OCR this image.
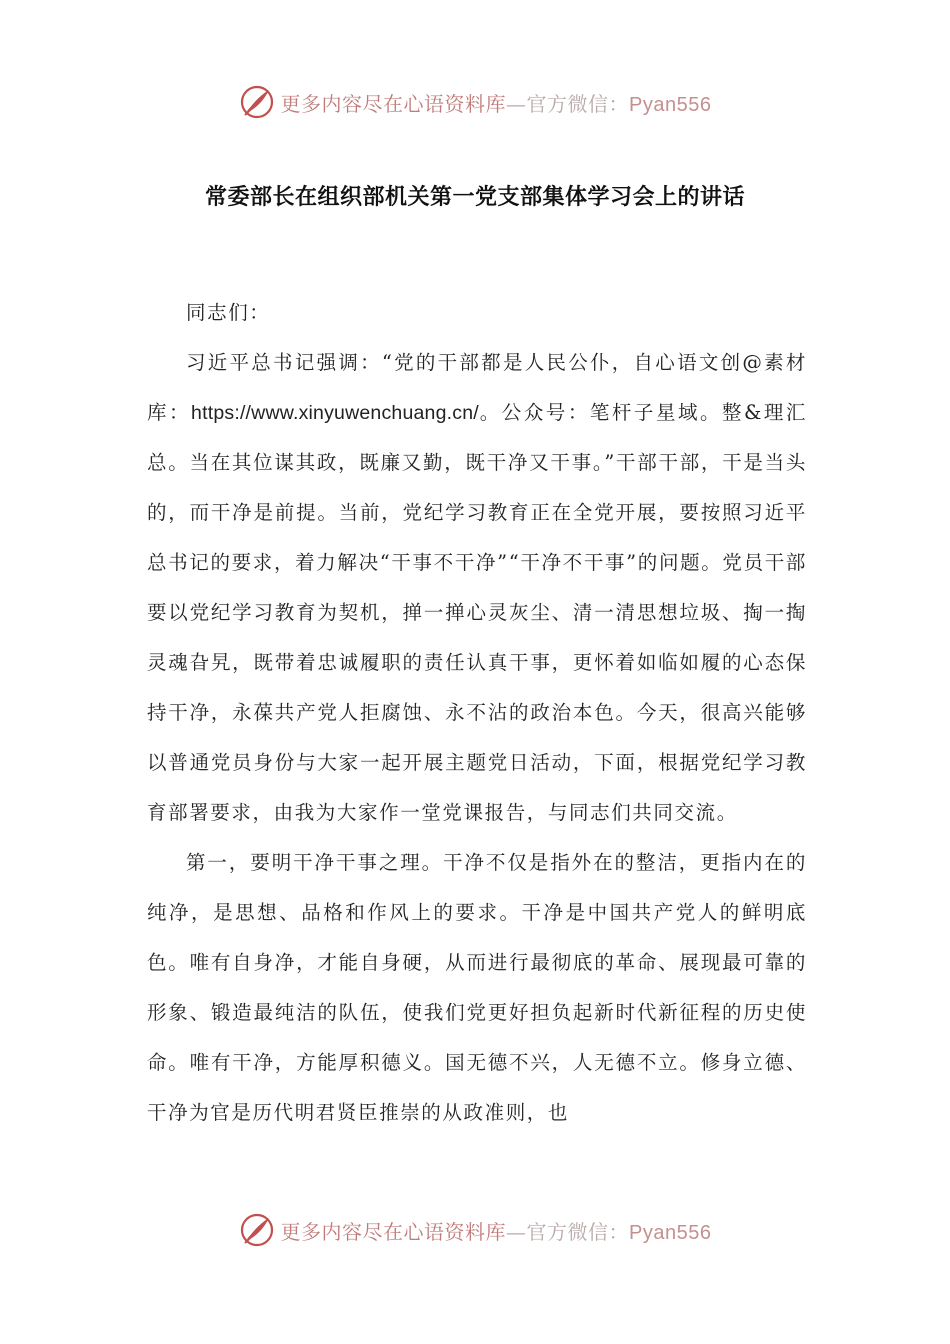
更多内容尽在心语资料库—官方微信：Pyan556
常委部长在组织部机关第一党支部集体学习会上的讲话

同志们：

习近平总书记强调：“党的干部都是人民公仆，自心语文创@素材库：https://www.xinyuwenchuang.cn/。公众号：笔杆子星域。整&理汇总。当在其位谋其政，既廉又勤，既干净又干事。”干部干部，干是当头的，而干净是前提。当前，党纪学习教育正在全党开展，要按照习近平总书记的要求，着力解决“干事不干净”“干净不干事”的问题。党员干部要以党纪学习教育为契机，掸一掸心灵灰尘、清一清思想垃圾、掏一掏灵魂旮旯，既带着忠诚履职的责任认真干事，更怀着如临如履的心态保持干净，永葆共产党人拒腐蚀、永不沾的政治本色。今天，很高兴能够以普通党员身份与大家一起开展主题党日活动，下面，根据党纪学习教育部署要求，由我为大家作一堂党课报告，与同志们共同交流。

第一，要明干净干事之理。干净不仅是指外在的整洁，更指内在的纯净，是思想、品格和作风上的要求。干净是中国共产党人的鲜明底色。唯有自身净，才能自身硬，从而进行最彻底的革命、展现最可靠的形象、锻造最纯洁的队伍，使我们党更好担负起新时代新征程的历史使命。唯有干净，方能厚积德义。国无德不兴，人无德不立。修身立德、干净为官是历代明君贤臣推崇的从政准则，也

更多内容尽在心语资料库—官方微信：Pyan556
